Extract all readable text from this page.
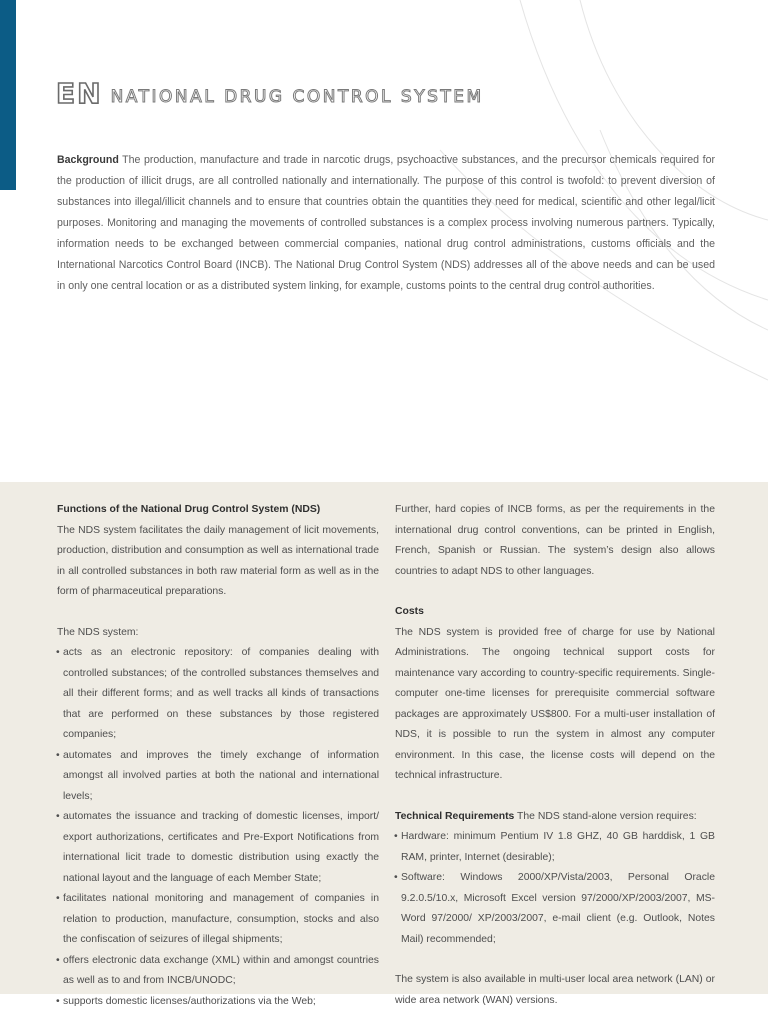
EN NATIONAL DRUG CONTROL SYSTEM
Background The production, manufacture and trade in narcotic drugs, psychoactive substances, and the precursor chemicals required for the production of illicit drugs, are all controlled nationally and internationally. The purpose of this control is twofold: to prevent diversion of substances into illegal/illicit channels and to ensure that countries obtain the quantities they need for medical, scientific and other legal/licit purposes. Monitoring and managing the movements of controlled substances is a complex process involving numerous partners. Typically, information needs to be exchanged between commercial companies, national drug control administrations, customs officials and the International Narcotics Control Board (INCB). The National Drug Control System (NDS) addresses all of the above needs and can be used in only one central location or as a distributed system linking, for example, customs points to the central drug control authorities.
Functions of the National Drug Control System (NDS)

The NDS system facilitates the daily management of licit movements, production, distribution and consumption as well as international trade in all controlled substances in both raw material form as well as in the form of pharmaceutical preparations.

The NDS system:
• acts as an electronic repository: of companies dealing with controlled substances; of the controlled substances themselves and all their different forms; and as well tracks all kinds of transactions that are performed on these substances by those registered companies;
• automates and improves the timely exchange of information amongst all involved parties at both the national and international levels;
• automates the issuance and tracking of domestic licenses, import/ export authorizations, certificates and Pre-Export Notifications from international licit trade to domestic distribution using exactly the national layout and the language of each Member State;
• facilitates national monitoring and management of companies in relation to production, manufacture, consumption, stocks and also the confiscation of seizures of illegal shipments;
• offers electronic data exchange (XML) within and amongst countries as well as to and from INCB/UNODC;
• supports domestic licenses/authorizations via the Web;

Further, hard copies of INCB forms, as per the requirements in the international drug control conventions, can be printed in English, French, Spanish or Russian. The system’s design also allows countries to adapt NDS to other languages.

Costs

The NDS system is provided free of charge for use by National Administrations. The ongoing technical support costs for maintenance vary according to country-specific requirements. Single-computer one-time licenses for prerequisite commercial software packages are approximately US$800. For a multi-user installation of NDS, it is possible to run the system in almost any computer environment. In this case, the license costs will depend on the technical infrastructure.

Technical Requirements The NDS stand-alone version requires:
• Hardware: minimum Pentium IV 1.8 GHZ, 40 GB harddisk, 1 GB RAM, printer, Internet (desirable);
• Software: Windows 2000/XP/Vista/2003, Personal Oracle 9.2.0.5/10.x, Microsoft Excel version 97/2000/XP/2003/2007, MS-Word 97/2000/ XP/2003/2007, e-mail client (e.g. Outlook, Notes Mail) recommended;

The system is also available in multi-user local area network (LAN) or wide area network (WAN) versions.
